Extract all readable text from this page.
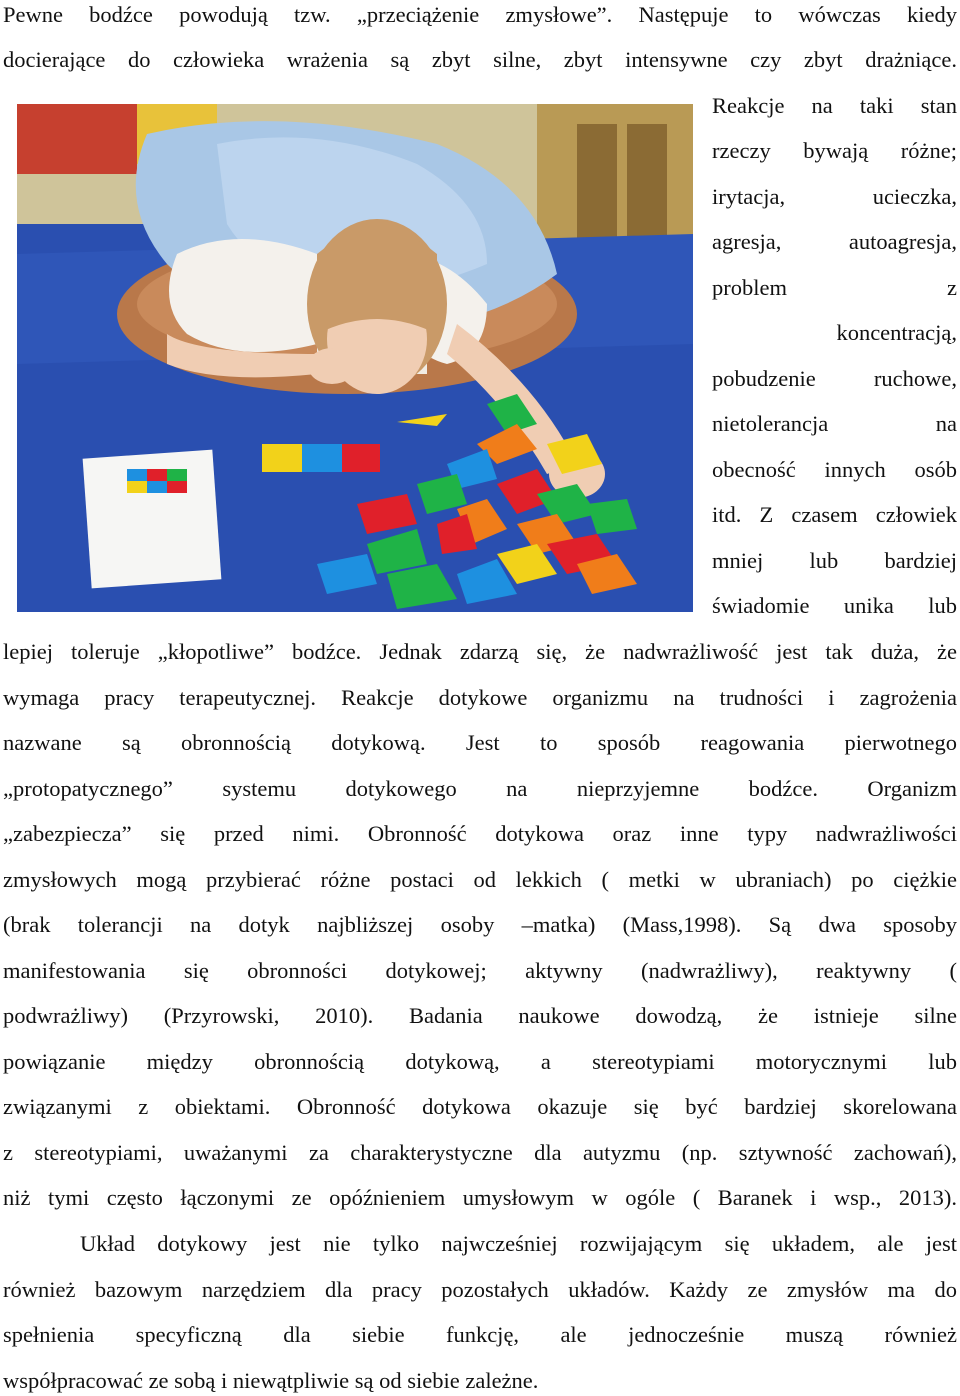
Pewne bodźce powodują tzw. „przeciążenie zmysłowe”. Następuje to wówczas kiedy
docierające do człowieka wrażenia są zbyt silne, zbyt intensywne czy zbyt drażniące.
Reakcje na taki stan
rzeczy bywają różne;
irytacja, ucieczka,
agresja, autoagresja,
problem z
koncentracją,
pobudzenie ruchowe,
nietolerancja na
obecność innych osób
itd. Z czasem człowiek
mniej lub bardziej
świadomie unika lub
lepiej toleruje „kłopotliwe” bodźce. Jednak zdarzą się, że nadwrażliwość jest tak duża, że
wymaga pracy terapeutycznej. Reakcje dotykowe organizmu na trudności i zagrożenia
nazwane są obronnością dotykową. Jest to sposób reagowania pierwotnego
„protopatycznego” systemu dotykowego na nieprzyjemne bodźce. Organizm
„zabezpiecza” się przed nimi. Obronność dotykowa oraz inne typy nadwrażliwości
zmysłowych mogą przybierać różne postaci od lekkich ( metki w ubraniach) po ciężkie
(brak tolerancji na dotyk najbliższej osoby –matka) (Mass,1998). Są dwa sposoby
manifestowania się obronności dotykowej; aktywny (nadwrażliwy), reaktywny (
podwrażliwy) (Przyrowski, 2010). Badania naukowe dowodzą, że istnieje silne
powiązanie między obronnością dotykową, a stereotypiami motorycznymi lub
związanymi z obiektami. Obronność dotykowa okazuje się być bardziej skorelowana
z stereotypiami, uważanymi za charakterystyczne dla autyzmu (np. sztywność zachowań),
niż tymi często łączonymi ze opóźnieniem umysłowym w ogóle ( Baranek i wsp., 2013).
Układ dotykowy jest nie tylko najwcześniej rozwijającym się układem, ale jest
również bazowym narzędziem dla pracy pozostałych układów. Każdy ze zmysłów ma do
spełnienia specyficzną dla siebie funkcję, ale jednocześnie muszą również
współpracować ze sobą i niewątpliwie są od siebie zależne.
